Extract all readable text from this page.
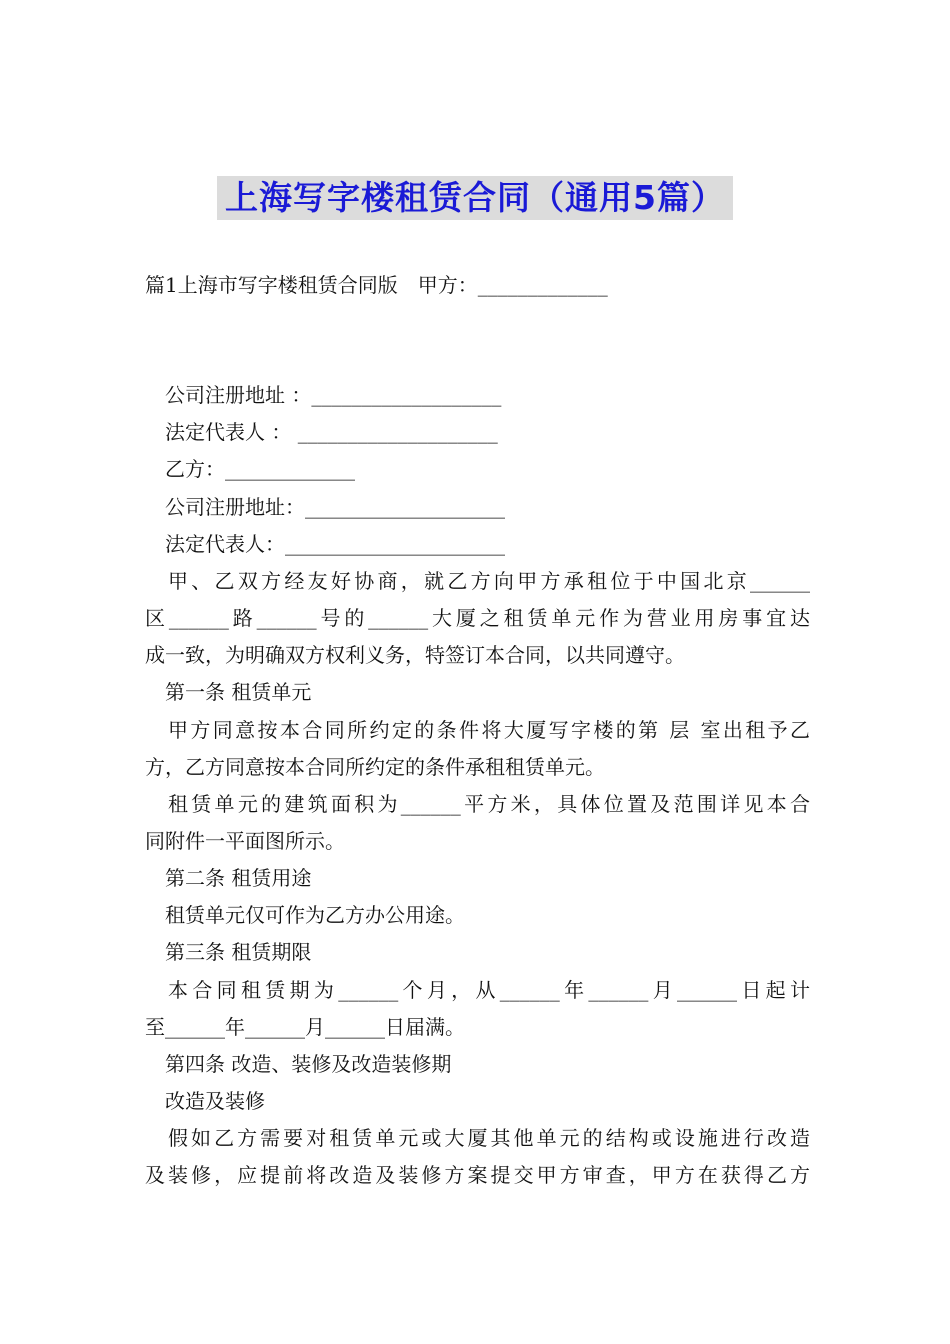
上海写字楼租赁合同（通用5篇）
篇1上海市写字楼租赁合同版　甲方：_____________
公司注册地址 ：___________________
法定代表人 ： ____________________
乙方：_____________
公司注册地址：____________________
法定代表人：______________________
甲、乙双方经友好协商，就乙方向甲方承租位于中国北京______
区______路______号的______大厦之租赁单元作为营业用房事宜达
成一致，为明确双方权利义务，特签订本合同，以共同遵守。
第一条 租赁单元
甲方同意按本合同所约定的条件将大厦写字楼的第 层 室出租予乙
方，乙方同意按本合同所约定的条件承租租赁单元。
租赁单元的建筑面积为______平方米，具体位置及范围详见本合
同附件一平面图所示。
第二条 租赁用途
租赁单元仅可作为乙方办公用途。
第三条 租赁期限
本合同租赁期为______个月，从______年______月______日起计
至______年______月______日届满。
第四条 改造、装修及改造装修期
改造及装修
假如乙方需要对租赁单元或大厦其他单元的结构或设施进行改造
及装修，应提前将改造及装修方案提交甲方审查，甲方在获得乙方
